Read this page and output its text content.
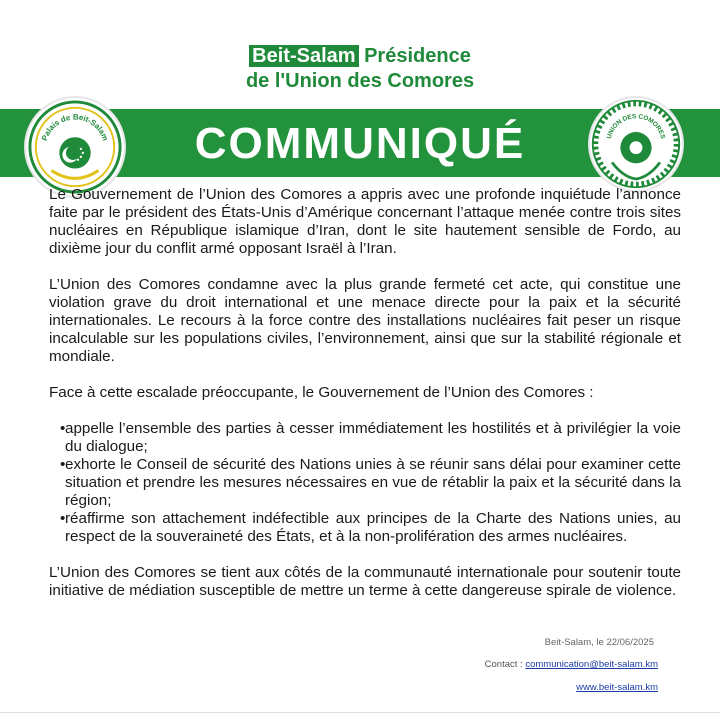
Beit-Salam Présidence
de l'Union des Comores
COMMUNIQUÉ
Palais de Beit-Salam	UNION DES COMORES

Le Gouvernement de l’Union des Comores a appris avec une profonde inquiétude l’annonce faite par le président des États-Unis d’Amérique concernant l’attaque menée contre trois sites nucléaires en République islamique d’Iran, dont le site hautement sensible de Fordo, au dixième jour du conflit armé opposant Israël à l’Iran.

L’Union des Comores condamne avec la plus grande fermeté cet acte, qui constitue une violation grave du droit international et une menace directe pour la paix et la sécurité internationales. Le recours à la force contre des installations nucléaires fait peser un risque incalculable sur les populations civiles, l’environnement, ainsi que sur la stabilité régionale et mondiale.

Face à cette escalade préoccupante, le Gouvernement de l’Union des Comores :

• appelle l’ensemble des parties à cesser immédiatement les hostilités et à privilégier la voie du dialogue;
• exhorte le Conseil de sécurité des Nations unies à se réunir sans délai pour examiner cette situation et prendre les mesures nécessaires en vue de rétablir la paix et la sécurité dans la région;
• réaffirme son attachement indéfectible aux principes de la Charte des Nations unies, au respect de la souveraineté des États, et à la non-prolifération des armes nucléaires.

L’Union des Comores se tient aux côtés de la communauté internationale pour soutenir toute initiative de médiation susceptible de mettre un terme à cette dangereuse spirale de violence.

Beit-Salam, le 22/06/2025
Contact : communication@beit-salam.km
www.beit-salam.km
